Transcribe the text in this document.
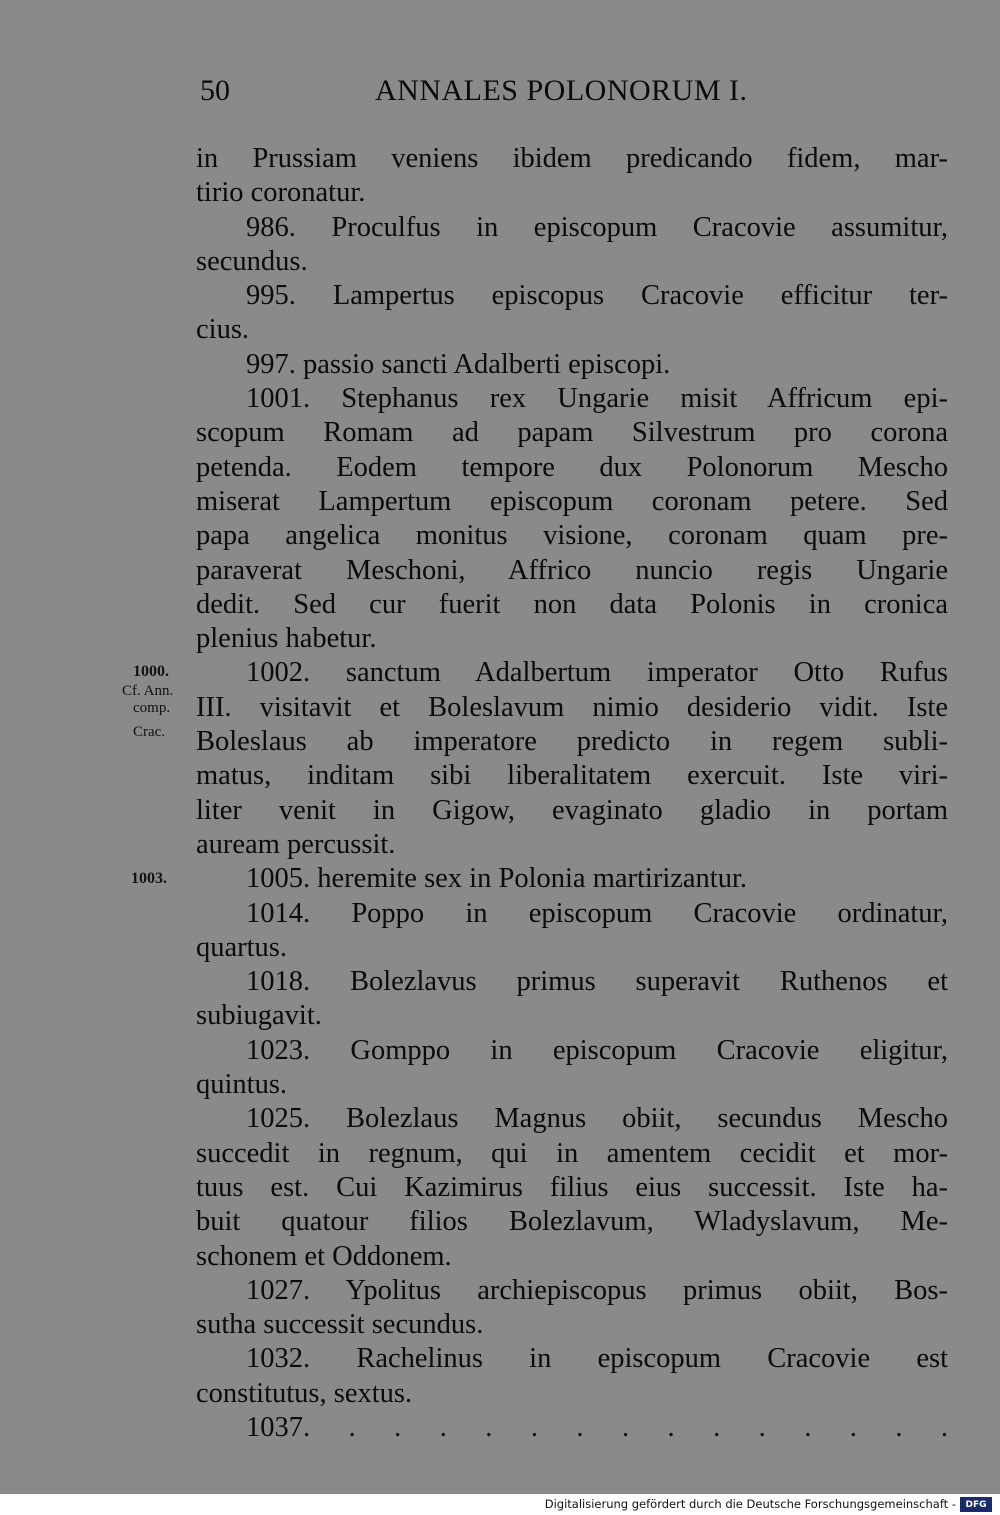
50	ANNALES POLONORUM I.
in Prussiam veniens ibidem predicando fidem, mar-
tirio coronatur.
986. Proculfus in episcopum Cracovie assumitur,
secundus.
995. Lampertus episcopus Cracovie efficitur ter-
cius.
997. passio sancti Adalberti episcopi.
1001. Stephanus rex Ungarie misit Affricum epi-
scopum Romam ad papam Silvestrum pro corona
petenda. Eodem tempore dux Polonorum Mescho
miserat Lampertum episcopum coronam petere. Sed
papa angelica monitus visione, coronam quam pre-
paraverat Meschoni, Affrico nuncio regis Ungarie
dedit. Sed cur fuerit non data Polonis in cronica
plenius habetur.
1002. sanctum Adalbertum imperator Otto Rufus
III. visitavit et Boleslavum nimio desiderio vidit. Iste
Boleslaus ab imperatore predicto in regem subli-
matus, inditam sibi liberalitatem exercuit. Iste viri-
liter venit in Gigow, evaginato gladio in portam
auream percussit.
1005. heremite sex in Polonia martirizantur.
1014. Poppo in episcopum Cracovie ordinatur,
quartus.
1018. Bolezlavus primus superavit Ruthenos et
subiugavit.
1023. Gomppo in episcopum Cracovie eligitur,
quintus.
1025. Bolezlaus Magnus obiit, secundus Mescho
succedit in regnum, qui in amentem cecidit et mor-
tuus est. Cui Kazimirus filius eius successit. Iste ha-
buit quatour filios Bolezlavum, Wladyslavum, Me-
schonem et Oddonem.
1027. Ypolitus archiepiscopus primus obiit, Bos-
sutha successit secundus.
1032. Rachelinus in episcopum Cracovie est
constitutus, sextus.
1037. . . . . . . . . . . . . . .
1000.
Cf. Ann.
comp.
Crac.
1003.
Digitalisierung gefördert durch die Deutsche Forschungsgemeinschaft -	DFG
